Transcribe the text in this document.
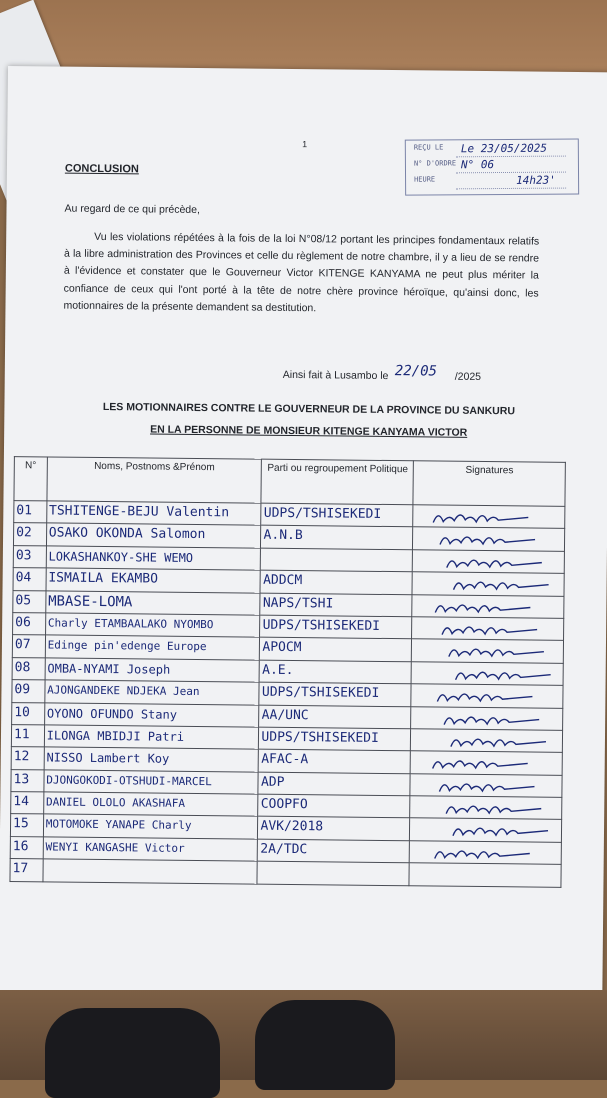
1	REÇU LE
N° D'ORDRE
HEURE
Le 23/05/2025
N° 06
14h23'
CONCLUSION
Au regard de ce qui précède,
Vu les violations répétées à la fois de la loi N°08/12 portant les principes fondamentaux relatifs à la libre administration des Provinces et celle du règlement de notre chambre, il y a lieu de se rendre à l'évidence et constater que le Gouverneur Victor KITENGE KANYAMA ne peut plus mériter la confiance de ceux qui l'ont porté à la tête de notre chère province héroïque, qu'ainsi donc, les motionnaires de la présente demandent sa destitution.
Ainsi fait à Lusambo le 22/05 /2025
LES MOTIONNAIRES CONTRE LE GOUVERNEUR DE LA PROVINCE DU SANKURU
EN LA PERSONNE DE MONSIEUR KITENGE KANYAMA VICTOR
N°	Noms, Postnoms &Prénom	Parti ou regroupement Politique	Signatures

01	TSHITENGE-BEJU Valentin	UDPS/TSHISEKEDI

02	OSAKO OKONDA Salomon	A.N.B

03	LOKASHANKOY-SHE WEMO

04	ISMAILA EKAMBO	ADDCM

05	MBASE-LOMA	NAPS/TSHI

06	Charly ETAMBAALAKO NYOMBO	UDPS/TSHISEKEDI

07	Edinge pin'edenge Europe	APOCM

08	OMBA-NYAMI Joseph	A.E.

09	AJONGANDEKE NDJEKA Jean	UDPS/TSHISEKEDI

10	OYONO OFUNDO Stany	AA/UNC

11	ILONGA MBIDJI Patri	UDPS/TSHISEKEDI

12	NISSO Lambert Koy	AFAC-A

13	DJONGOKODI-OTSHUDI-MARCEL	ADP

14	DANIEL OLOLO AKASHAFA	COOPFO

15	MOTOMOKE YANAPE Charly	AVK/2018

16	WENYI KANGASHE Victor	2A/TDC

17			
